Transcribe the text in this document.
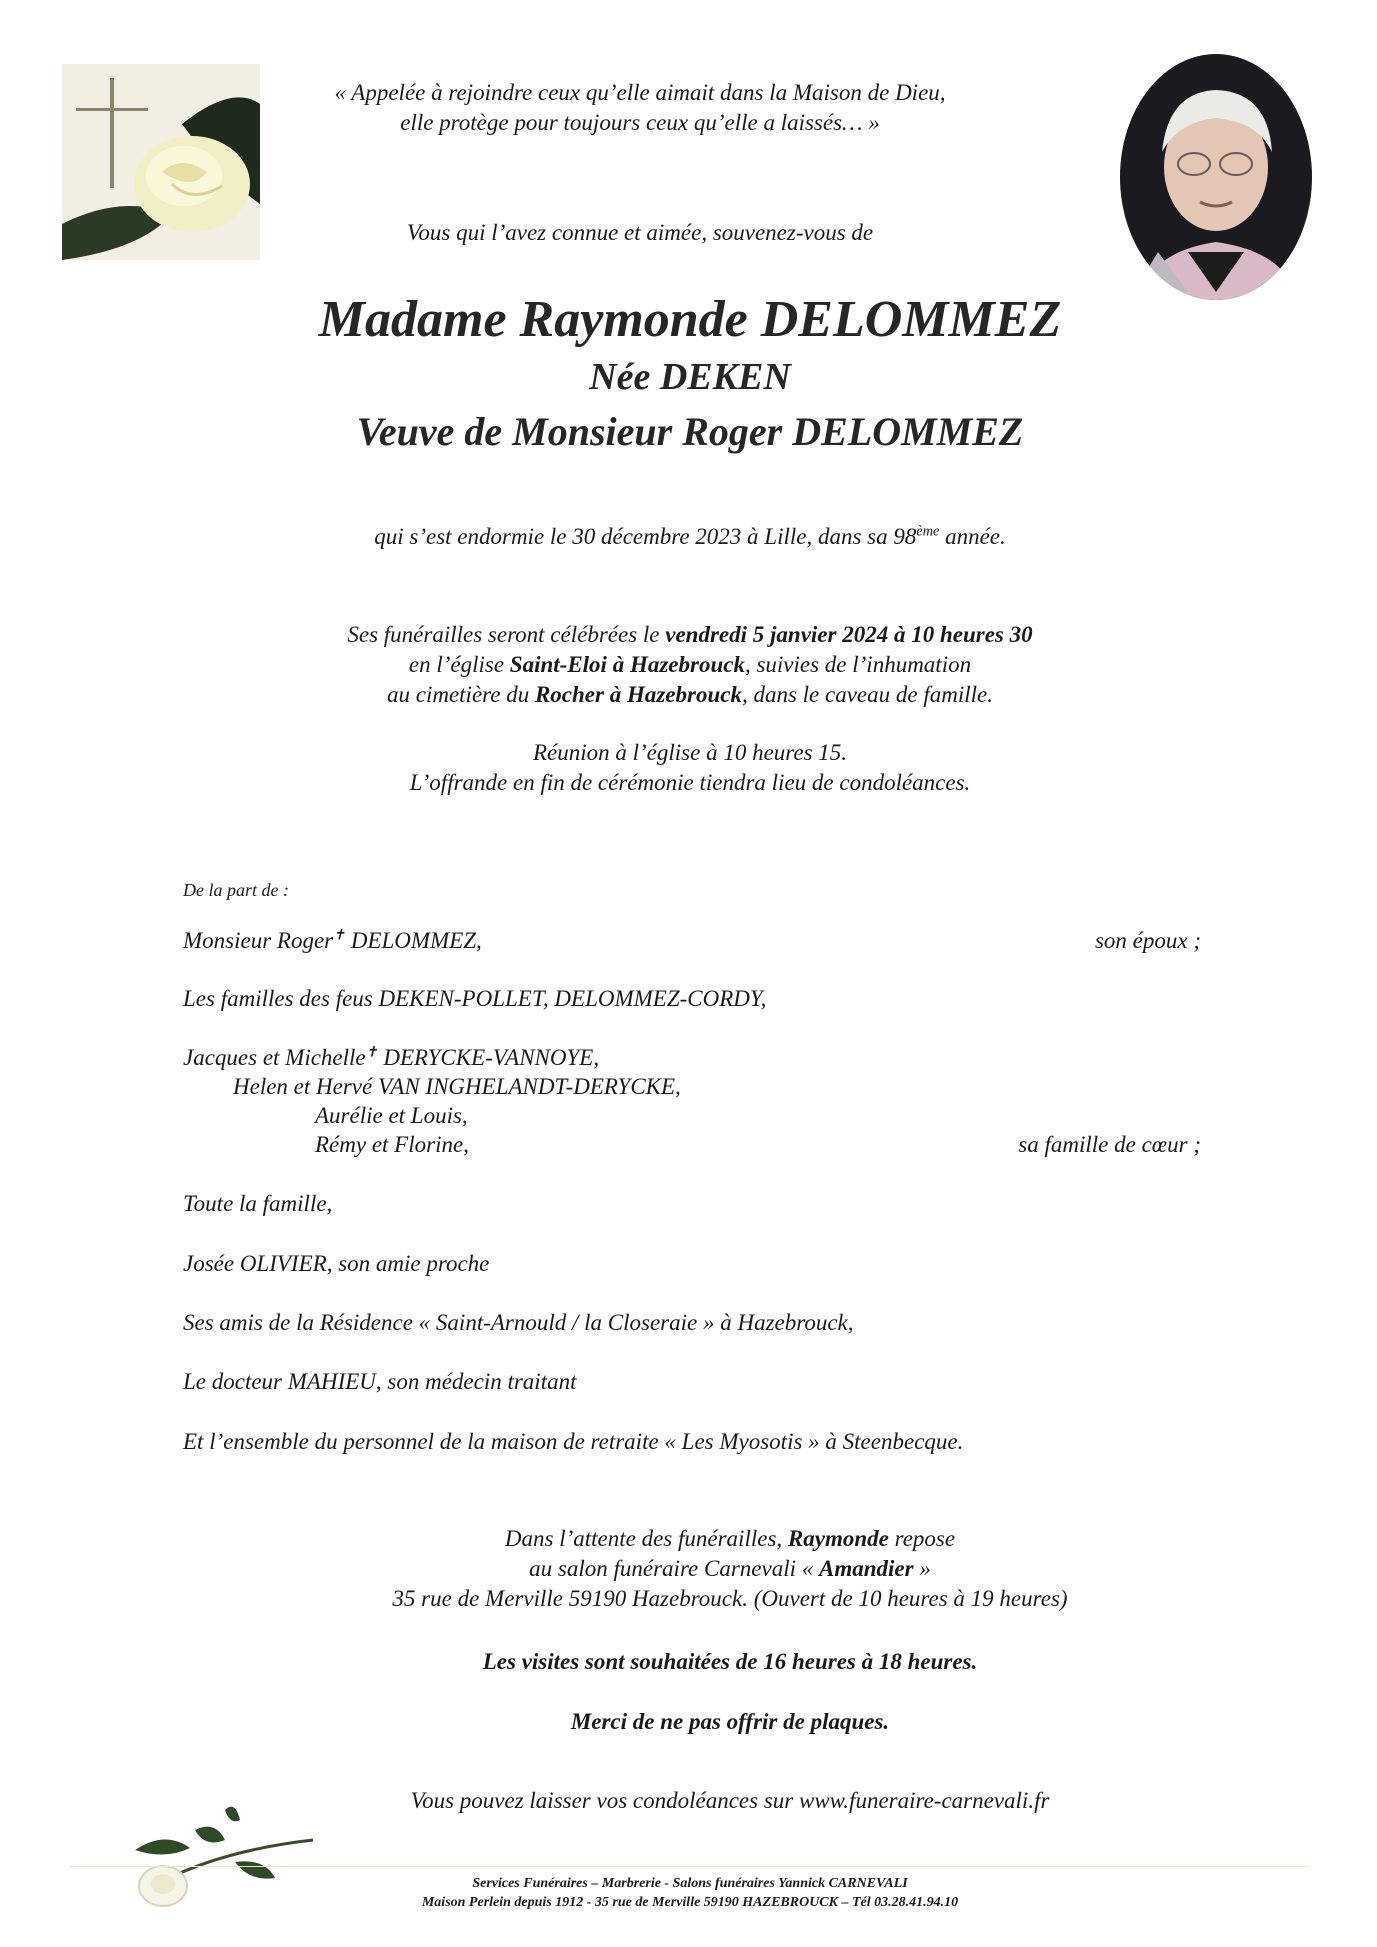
« Appelée à rejoindre ceux qu’elle aimait dans la Maison de Dieu,
elle protège pour toujours ceux qu’elle a laissés… »
Vous qui l’avez connue et aimée, souvenez-vous de
Madame Raymonde DELOMMEZ
Née DEKEN
Veuve de Monsieur Roger DELOMMEZ
qui s’est endormie le 30 décembre 2023 à Lille, dans sa 98ème année.
Ses funérailles seront célébrées le vendredi 5 janvier 2024 à 10 heures 30
en l’église Saint-Eloi à Hazebrouck, suivies de l’inhumation
au cimetière du Rocher à Hazebrouck, dans le caveau de famille.
Réunion à l’église à 10 heures 15.
L’offrande en fin de cérémonie tiendra lieu de condoléances.
De la part de :
Monsieur Roger✝ DELOMMEZ,	son époux ;
Les familles des feus DEKEN-POLLET, DELOMMEZ-CORDY,
Jacques et Michelle✝ DERYCKE-VANNOYE,
Helen et Hervé VAN INGHELANDT-DERYCKE,
Aurélie et Louis,
Rémy et Florine,	sa famille de cœur ;
Toute la famille,
Josée OLIVIER, son amie proche
Ses amis de la Résidence « Saint-Arnould / la Closeraie » à Hazebrouck,
Le docteur MAHIEU, son médecin traitant
Et l’ensemble du personnel de la maison de retraite « Les Myosotis » à Steenbecque.
Dans l’attente des funérailles, Raymonde repose
au salon funéraire Carnevali « Amandier »
35 rue de Merville 59190 Hazebrouck. (Ouvert de 10 heures à 19 heures)
Les visites sont souhaitées de 16 heures à 18 heures.
Merci de ne pas offrir de plaques.
Vous pouvez laisser vos condoléances sur www.funeraire-carnevali.fr
Services Funéraires – Marbrerie - Salons funéraires Yannick CARNEVALI
Maison Perlein depuis 1912 - 35 rue de Merville 59190 HAZEBROUCK – Tél 03.28.41.94.10
